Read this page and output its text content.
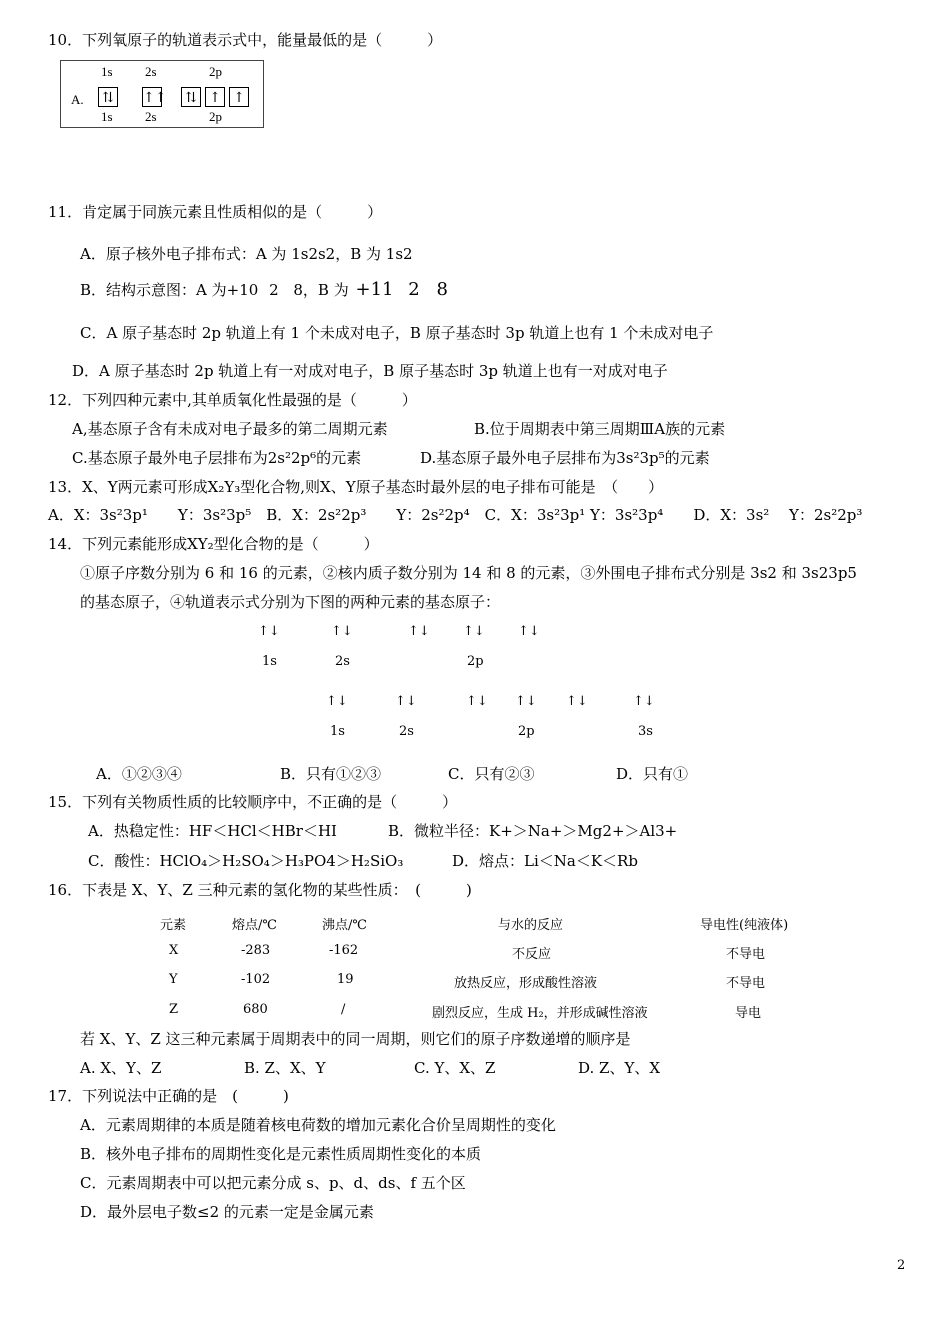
10．下列氧原子的轨道表示式中，能量最低的是（　　　）
1s 2s	2p
A. ⇅ ↑↑ ⇅ ↑ ↑
1s 2s	2p
11．肯定属于同族元素且性质相似的是（　　　）
A．原子核外电子排布式：A 为 1s2s2，B 为 1s2
B．结构示意图：A 为+10 2 8，B 为 +11 2 8
C．A 原子基态时 2p 轨道上有 1 个未成对电子，B 原子基态时 3p 轨道上也有 1 个未成对电子
D．A 原子基态时 2p 轨道上有一对成对电子，B 原子基态时 3p 轨道上也有一对成对电子
12．下列四种元素中,其单质氧化性最强的是（　　　）
A,基态原子含有未成对电子最多的第二周期元素	B.位于周期表中第三周期ⅢA族的元素
C.基态原子最外电子层排布为2s²2p⁶的元素	D.基态原子最外电子层排布为3s²3p⁵的元素
13．X、Y两元素可形成X₂Y₃型化合物,则X、Y原子基态时最外层的电子排布可能是　（　　）
A．X：3s²3p¹　　Y：3s²3p⁵　B．X：2s²2p³　　Y：2s²2p⁴　C．X：3s²3p¹ Y：3s²3p⁴　　D．X：3s²　 Y：2s²2p³
14．下列元素能形成XY₂型化合物的是（　　　）
①原子序数分别为 6 和 16 的元素，②核内质子数分别为 14 和 8 的元素，③外围电子排布式分别是 3s2 和 3s23p5
的基态原子，④轨道表示式分别为下图的两种元素的基态原子：
↑↓	↑↓	↑↓	↑↓	↑↓
1s	2s	2p
↑↓	↑↓	↑↓ ↑↓ ↑↓	↑↓
1s	2s	2p	3s
A．①②③④	B．只有①②③	C．只有②③	D．只有①
15．下列有关物质性质的比较顺序中，不正确的是（　　　）
A．热稳定性：HF＜HCl＜HBr＜HI	B．微粒半径：K+＞Na+＞Mg2+＞Al3+
C．酸性：HClO₄＞H₂SO₄＞H₃PO4＞H₂SiO₃	D．熔点：Li＜Na＜K＜Rb
16．下表是 X、Y、Z 三种元素的氢化物的某些性质：　(　　　)
元素	熔点/℃	沸点/℃	与水的反应	导电性(纯液体)
X	-283	-162	不反应	不导电
Y	-102	19	放热反应，形成酸性溶液	不导电
Z	680	/	剧烈反应，生成 H₂，并形成碱性溶液	导电
若 X、Y、Z 这三种元素属于周期表中的同一周期，则它们的原子序数递增的顺序是
A. X、Y、Z	B. Z、X、Y	C. Y、X、Z	D. Z、Y、X
17．下列说法中正确的是　(　　　)
A．元素周期律的本质是随着核电荷数的增加元素化合价呈周期性的变化
B．核外电子排布的周期性变化是元素性质周期性变化的本质
C．元素周期表中可以把元素分成 s、p、d、ds、f 五个区
D．最外层电子数≤2 的元素一定是金属元素
2
